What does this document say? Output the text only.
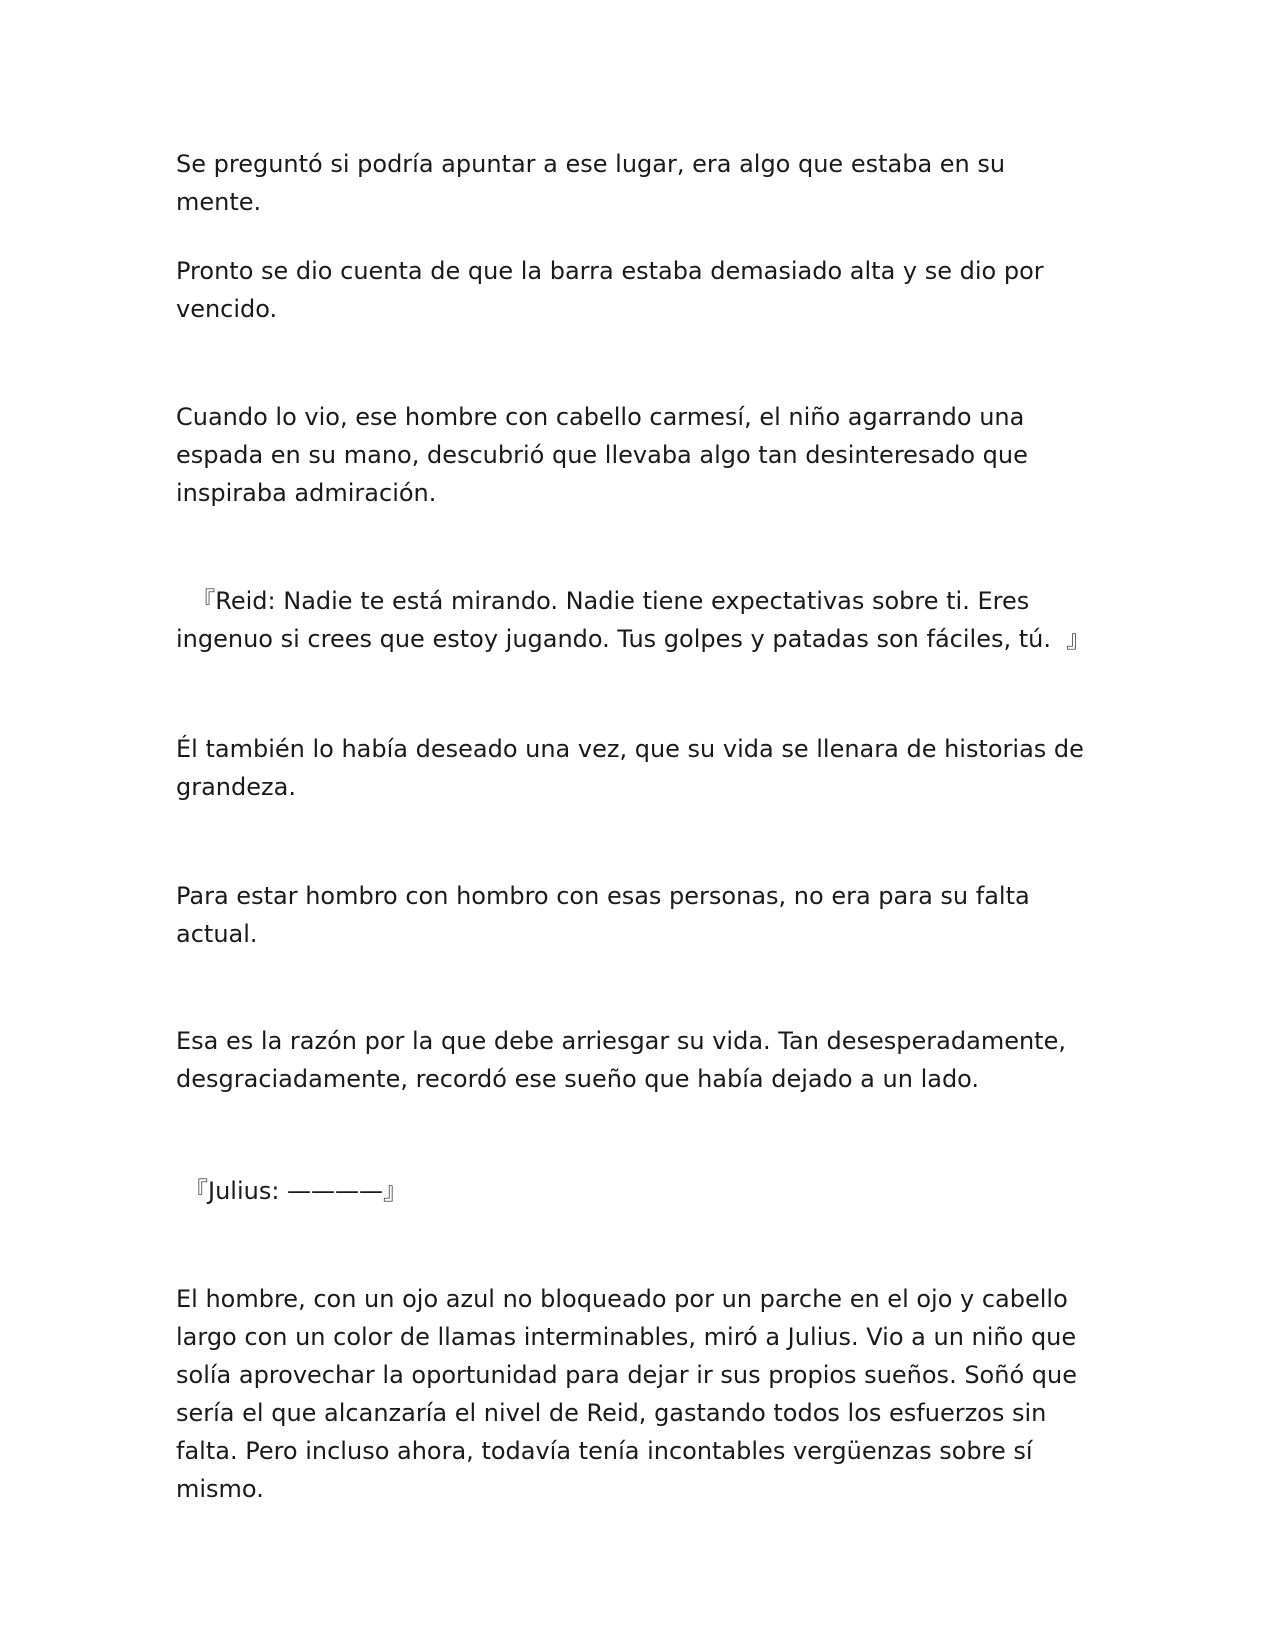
Se preguntó si podría apuntar a ese lugar, era algo que estaba en su mente.

Pronto se dio cuenta de que la barra estaba demasiado alta y se dio por vencido.

Cuando lo vio, ese hombre con cabello carmesí, el niño agarrando una espada en su mano, descubrió que llevaba algo tan desinteresado que inspiraba admiración.

『Reid: Nadie te está mirando. Nadie tiene expectativas sobre ti. Eres ingenuo si crees que estoy jugando. Tus golpes y patadas son fáciles, tú.  』

Él también lo había deseado una vez, que su vida se llenara de historias de grandeza.

Para estar hombro con hombro con esas personas, no era para su falta actual.

Esa es la razón por la que debe arriesgar su vida. Tan desesperadamente, desgraciadamente, recordó ese sueño que había dejado a un lado.

『Julius: ————』

El hombre, con un ojo azul no bloqueado por un parche en el ojo y cabello largo con un color de llamas interminables, miró a Julius. Vio a un niño que solía aprovechar la oportunidad para dejar ir sus propios sueños. Soñó que sería el que alcanzaría el nivel de Reid, gastando todos los esfuerzos sin falta. Pero incluso ahora, todavía tenía incontables vergüenzas sobre sí mismo.
